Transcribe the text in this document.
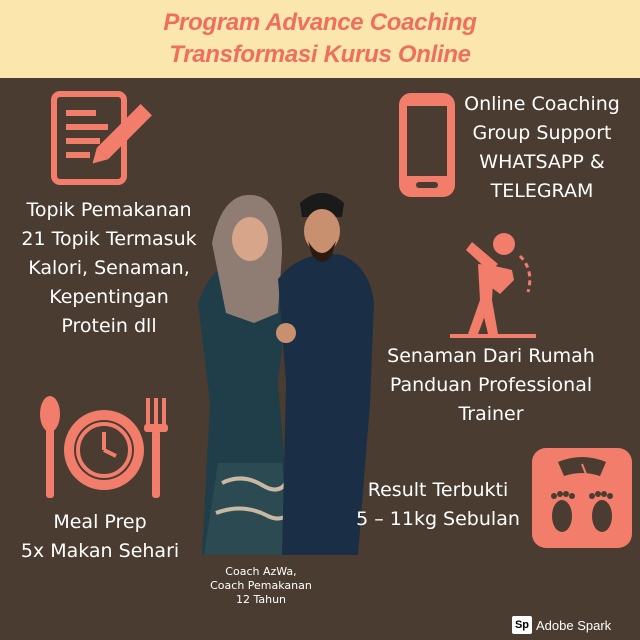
Program Advance Coaching
Transformasi Kurus Online
Online Coaching
Group Support
WHATSAPP &
TELEGRAM
Topik Pemakanan
21 Topik Termasuk
Kalori, Senaman,
Kepentingan
Protein dll
Senaman Dari Rumah
Panduan Professional
Trainer
Meal Prep
5x Makan Sehari
Result Terbukti
5 – 11kg Sebulan
Coach AzWa,
Coach Pemakanan
12 Tahun
Sp Adobe Spark
